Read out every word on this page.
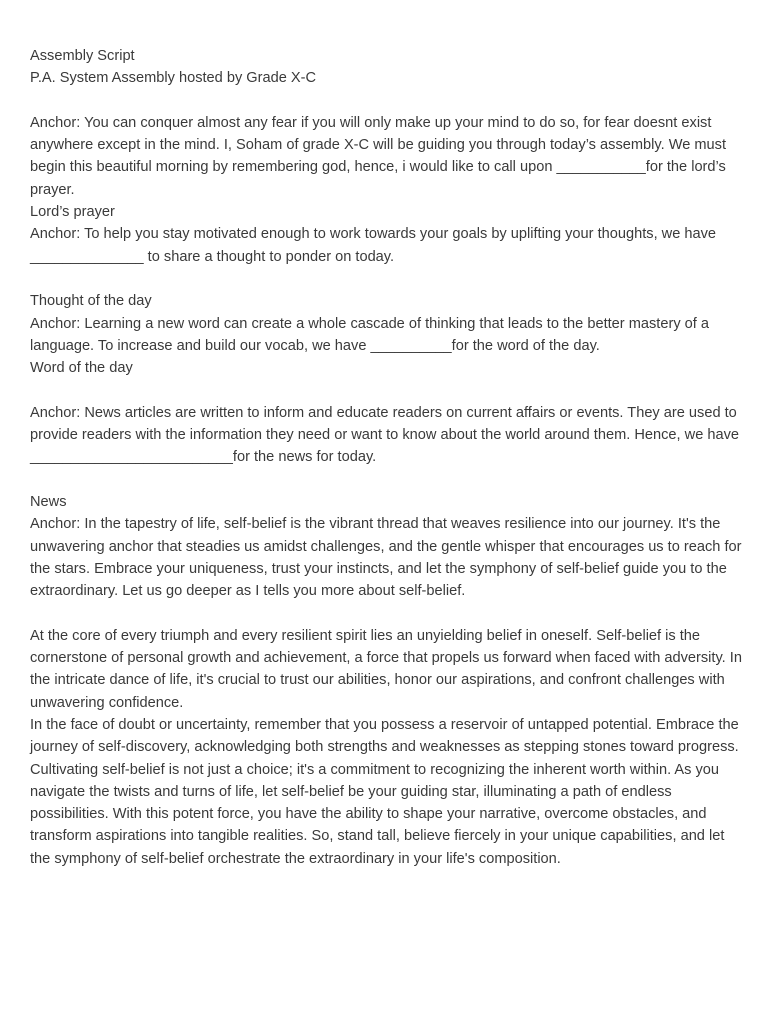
Assembly Script

P.A. System Assembly hosted by Grade X-C

Anchor: You can conquer almost any fear if you will only make up your mind to do so, for fear doesnt exist anywhere except in the mind. I, Soham of grade X-C will be guiding you through today’s assembly. We must begin this beautiful morning by remembering god, hence, i would like to call upon ___________for the lord’s prayer.

Lord’s prayer

Anchor: To help you stay motivated enough to work towards your goals by uplifting your thoughts, we have ______________ to share a thought to ponder on today.

Thought of the day

Anchor: Learning a new word can create a whole cascade of thinking that leads to the better mastery of a language. To increase and build our vocab, we have __________for the word of the day.

Word of the day

Anchor: News articles are written to inform and educate readers on current affairs or events. They are used to provide readers with the information they need or want to know about the world around them. Hence, we have _________________________for the news for today.

News

Anchor: In the tapestry of life, self-belief is the vibrant thread that weaves resilience into our journey. It's the unwavering anchor that steadies us amidst challenges, and the gentle whisper that encourages us to reach for the stars. Embrace your uniqueness, trust your instincts, and let the symphony of self-belief guide you to the extraordinary. Let us go deeper as I tells you more about self-belief.

At the core of every triumph and every resilient spirit lies an unyielding belief in oneself. Self-belief is the cornerstone of personal growth and achievement, a force that propels us forward when faced with adversity. In the intricate dance of life, it's crucial to trust our abilities, honor our aspirations, and confront challenges with unwavering confidence.

In the face of doubt or uncertainty, remember that you possess a reservoir of untapped potential. Embrace the journey of self-discovery, acknowledging both strengths and weaknesses as stepping stones toward progress. Cultivating self-belief is not just a choice; it's a commitment to recognizing the inherent worth within. As you navigate the twists and turns of life, let self-belief be your guiding star, illuminating a path of endless possibilities. With this potent force, you have the ability to shape your narrative, overcome obstacles, and transform aspirations into tangible realities. So, stand tall, believe fiercely in your unique capabilities, and let the symphony of self-belief orchestrate the extraordinary in your life's composition.
